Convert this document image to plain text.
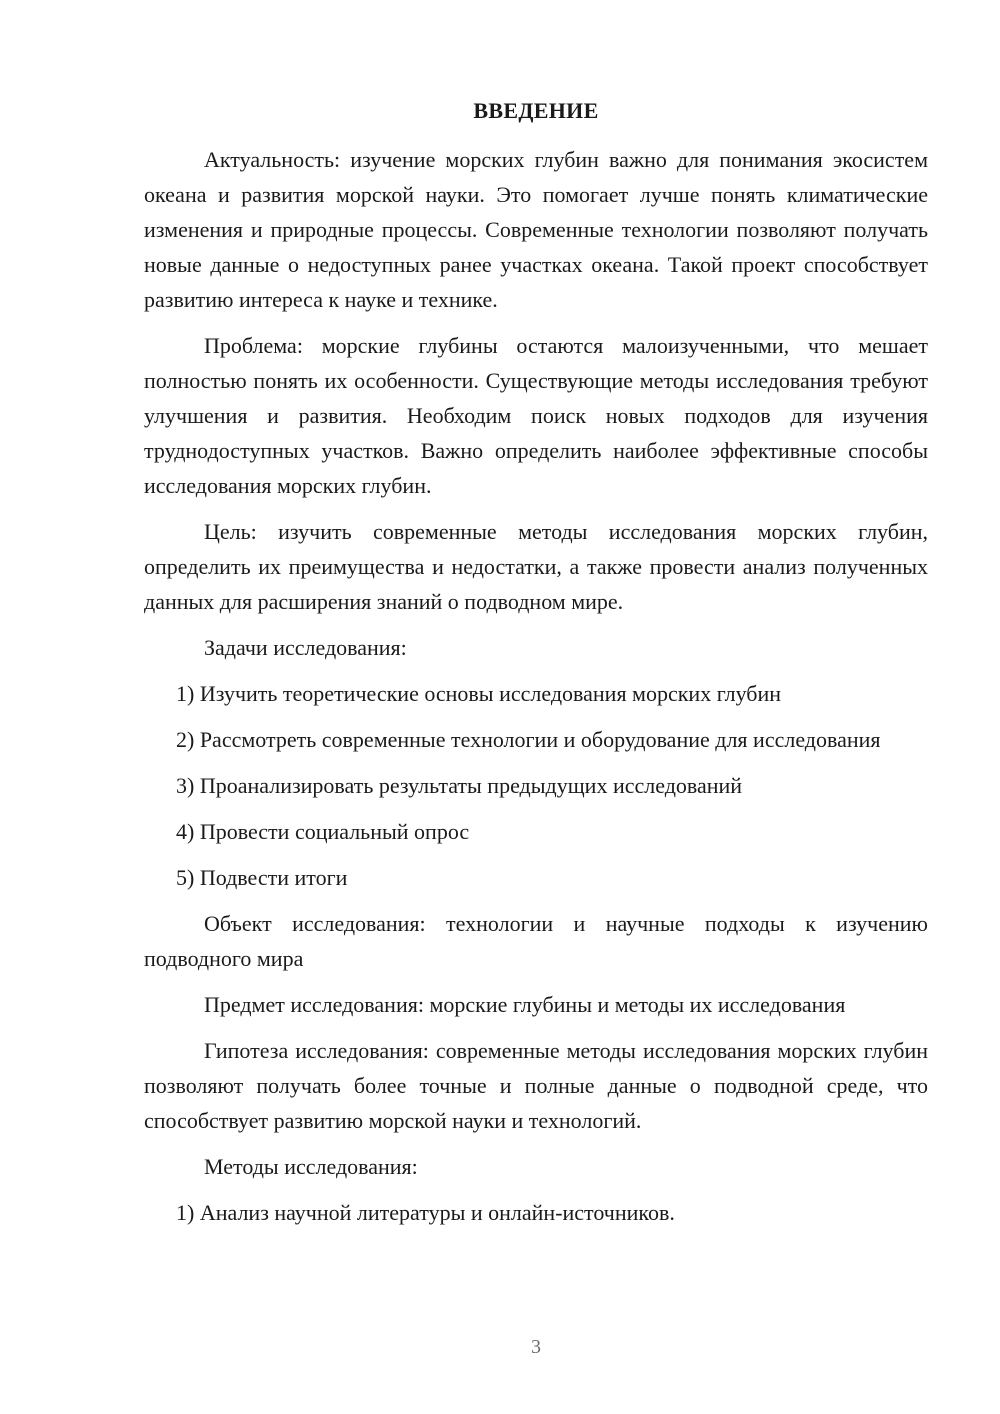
ВВЕДЕНИЕ

Актуальность: изучение морских глубин важно для понимания экосистем океана и развития морской науки. Это помогает лучше понять климатические изменения и природные процессы. Современные технологии позволяют получать новые данные о недоступных ранее участках океана. Такой проект способствует развитию интереса к науке и технике.

Проблема: морские глубины остаются малоизученными, что мешает полностью понять их особенности. Существующие методы исследования требуют улучшения и развития. Необходим поиск новых подходов для изучения труднодоступных участков. Важно определить наиболее эффективные способы исследования морских глубин.

Цель: изучить современные методы исследования морских глубин, определить их преимущества и недостатки, а также провести анализ полученных данных для расширения знаний о подводном мире.

Задачи исследования:

1) Изучить теоретические основы исследования морских глубин

2) Рассмотреть современные технологии и оборудование для исследования

3) Проанализировать результаты предыдущих исследований

4) Провести социальный опрос

5) Подвести итоги

Объект исследования: технологии и научные подходы к изучению подводного мира

Предмет исследования: морские глубины и методы их исследования

Гипотеза исследования: современные методы исследования морских глубин позволяют получать более точные и полные данные о подводной среде, что способствует развитию морской науки и технологий.

Методы исследования:

1) Анализ научной литературы и онлайн-источников.

3
